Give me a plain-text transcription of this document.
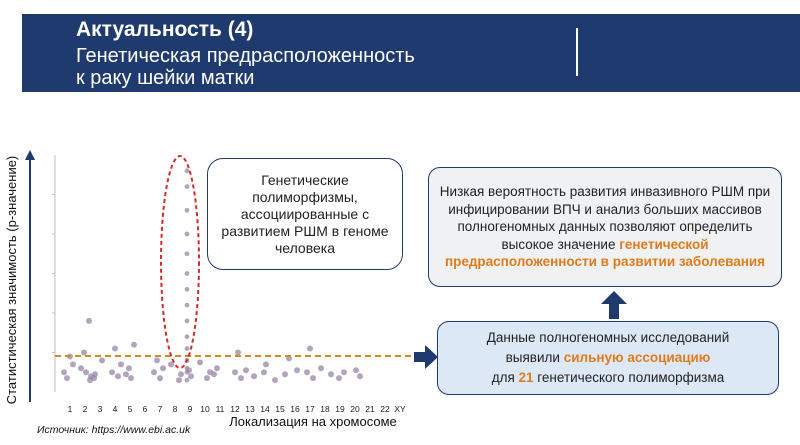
Актуальность (4)
Генетическая предрасположенность
к раку шейки матки
1 2 3 4 5 6 7 8 9 10 11 12 13 14 15 16 17 18 19 20 21 22 XY
Статистическая значимость (р-значение)
Локализация на хромосоме
Генетические полиморфизмы, ассоциированные с развитием РШМ в геноме человека
Низкая вероятность развития инвазивного РШМ при инфицировании ВПЧ и анализ больших массивов полногеномных данных позволяют определить высокое значение генетической предрасположенности в развитии заболевания
Данные полногеномных исследований
выявили сильную ассоциацию
для 21 генетического полиморфизма
Источник: https://www.ebi.ac.uk
